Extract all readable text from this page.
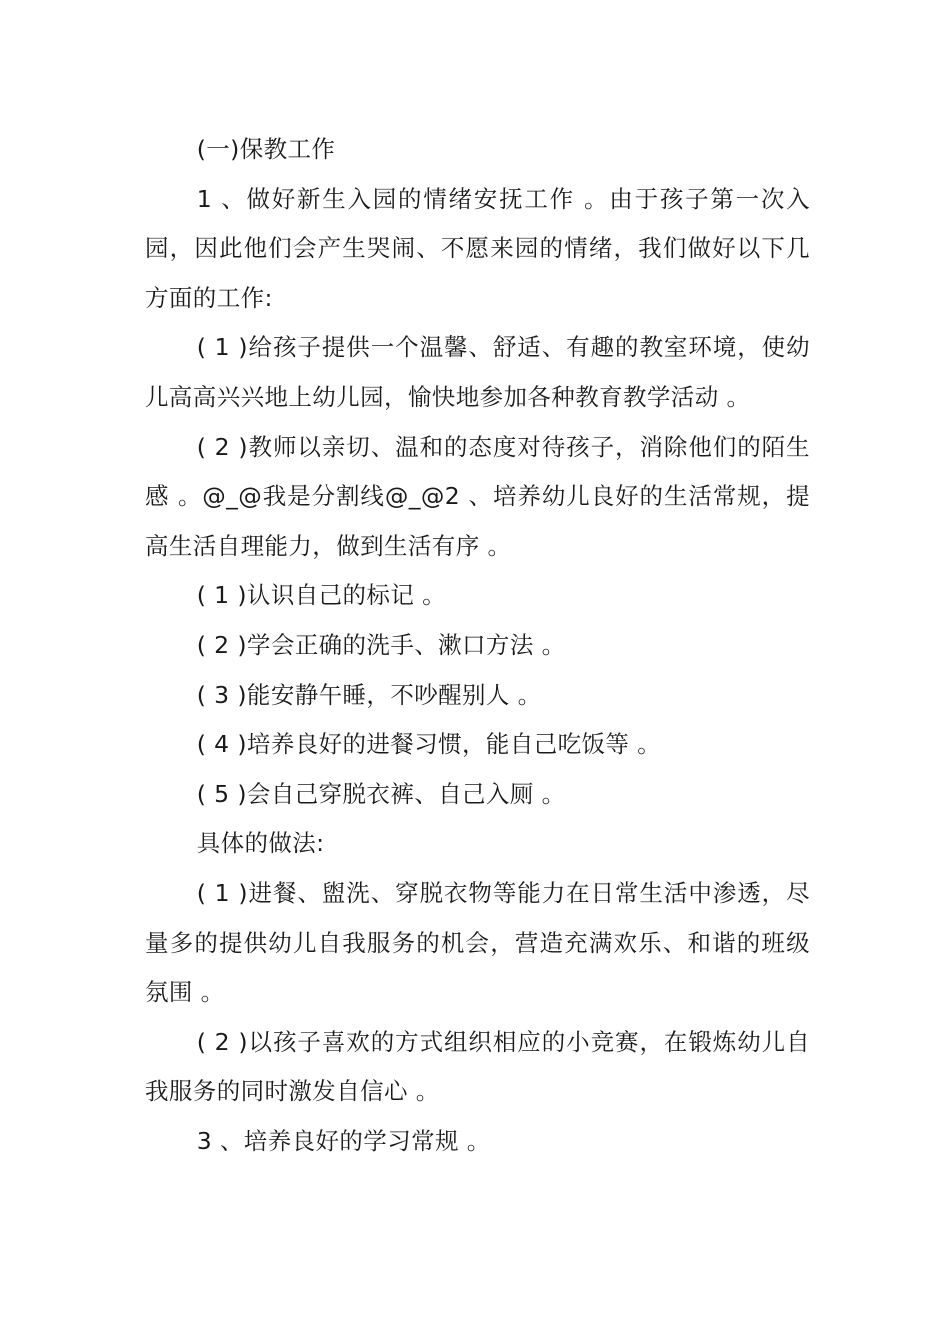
(一)保教工作

1 、做好新生入园的情绪安抚工作 。由于孩子第一次入园，因此他们会产生哭闹、不愿来园的情绪，我们做好以下几方面的工作:

( 1 )给孩子提供一个温馨、舒适、有趣的教室环境，使幼儿高高兴兴地上幼儿园，愉快地参加各种教育教学活动 。

( 2 )教师以亲切、温和的态度对待孩子，消除他们的陌生感 。@_@我是分割线@_@2 、培养幼儿良好的生活常规，提高生活自理能力，做到生活有序 。

( 1 )认识自己的标记 。

( 2 )学会正确的洗手、漱口方法 。

( 3 )能安静午睡，不吵醒别人 。

( 4 )培养良好的进餐习惯，能自己吃饭等 。

( 5 )会自己穿脱衣裤、自己入厕 。

具体的做法:

( 1 )进餐、盥洗、穿脱衣物等能力在日常生活中渗透，尽量多的提供幼儿自我服务的机会，营造充满欢乐、和谐的班级氛围 。

( 2 )以孩子喜欢的方式组织相应的小竞赛，在锻炼幼儿自我服务的同时激发自信心 。

3 、培养良好的学习常规 。
